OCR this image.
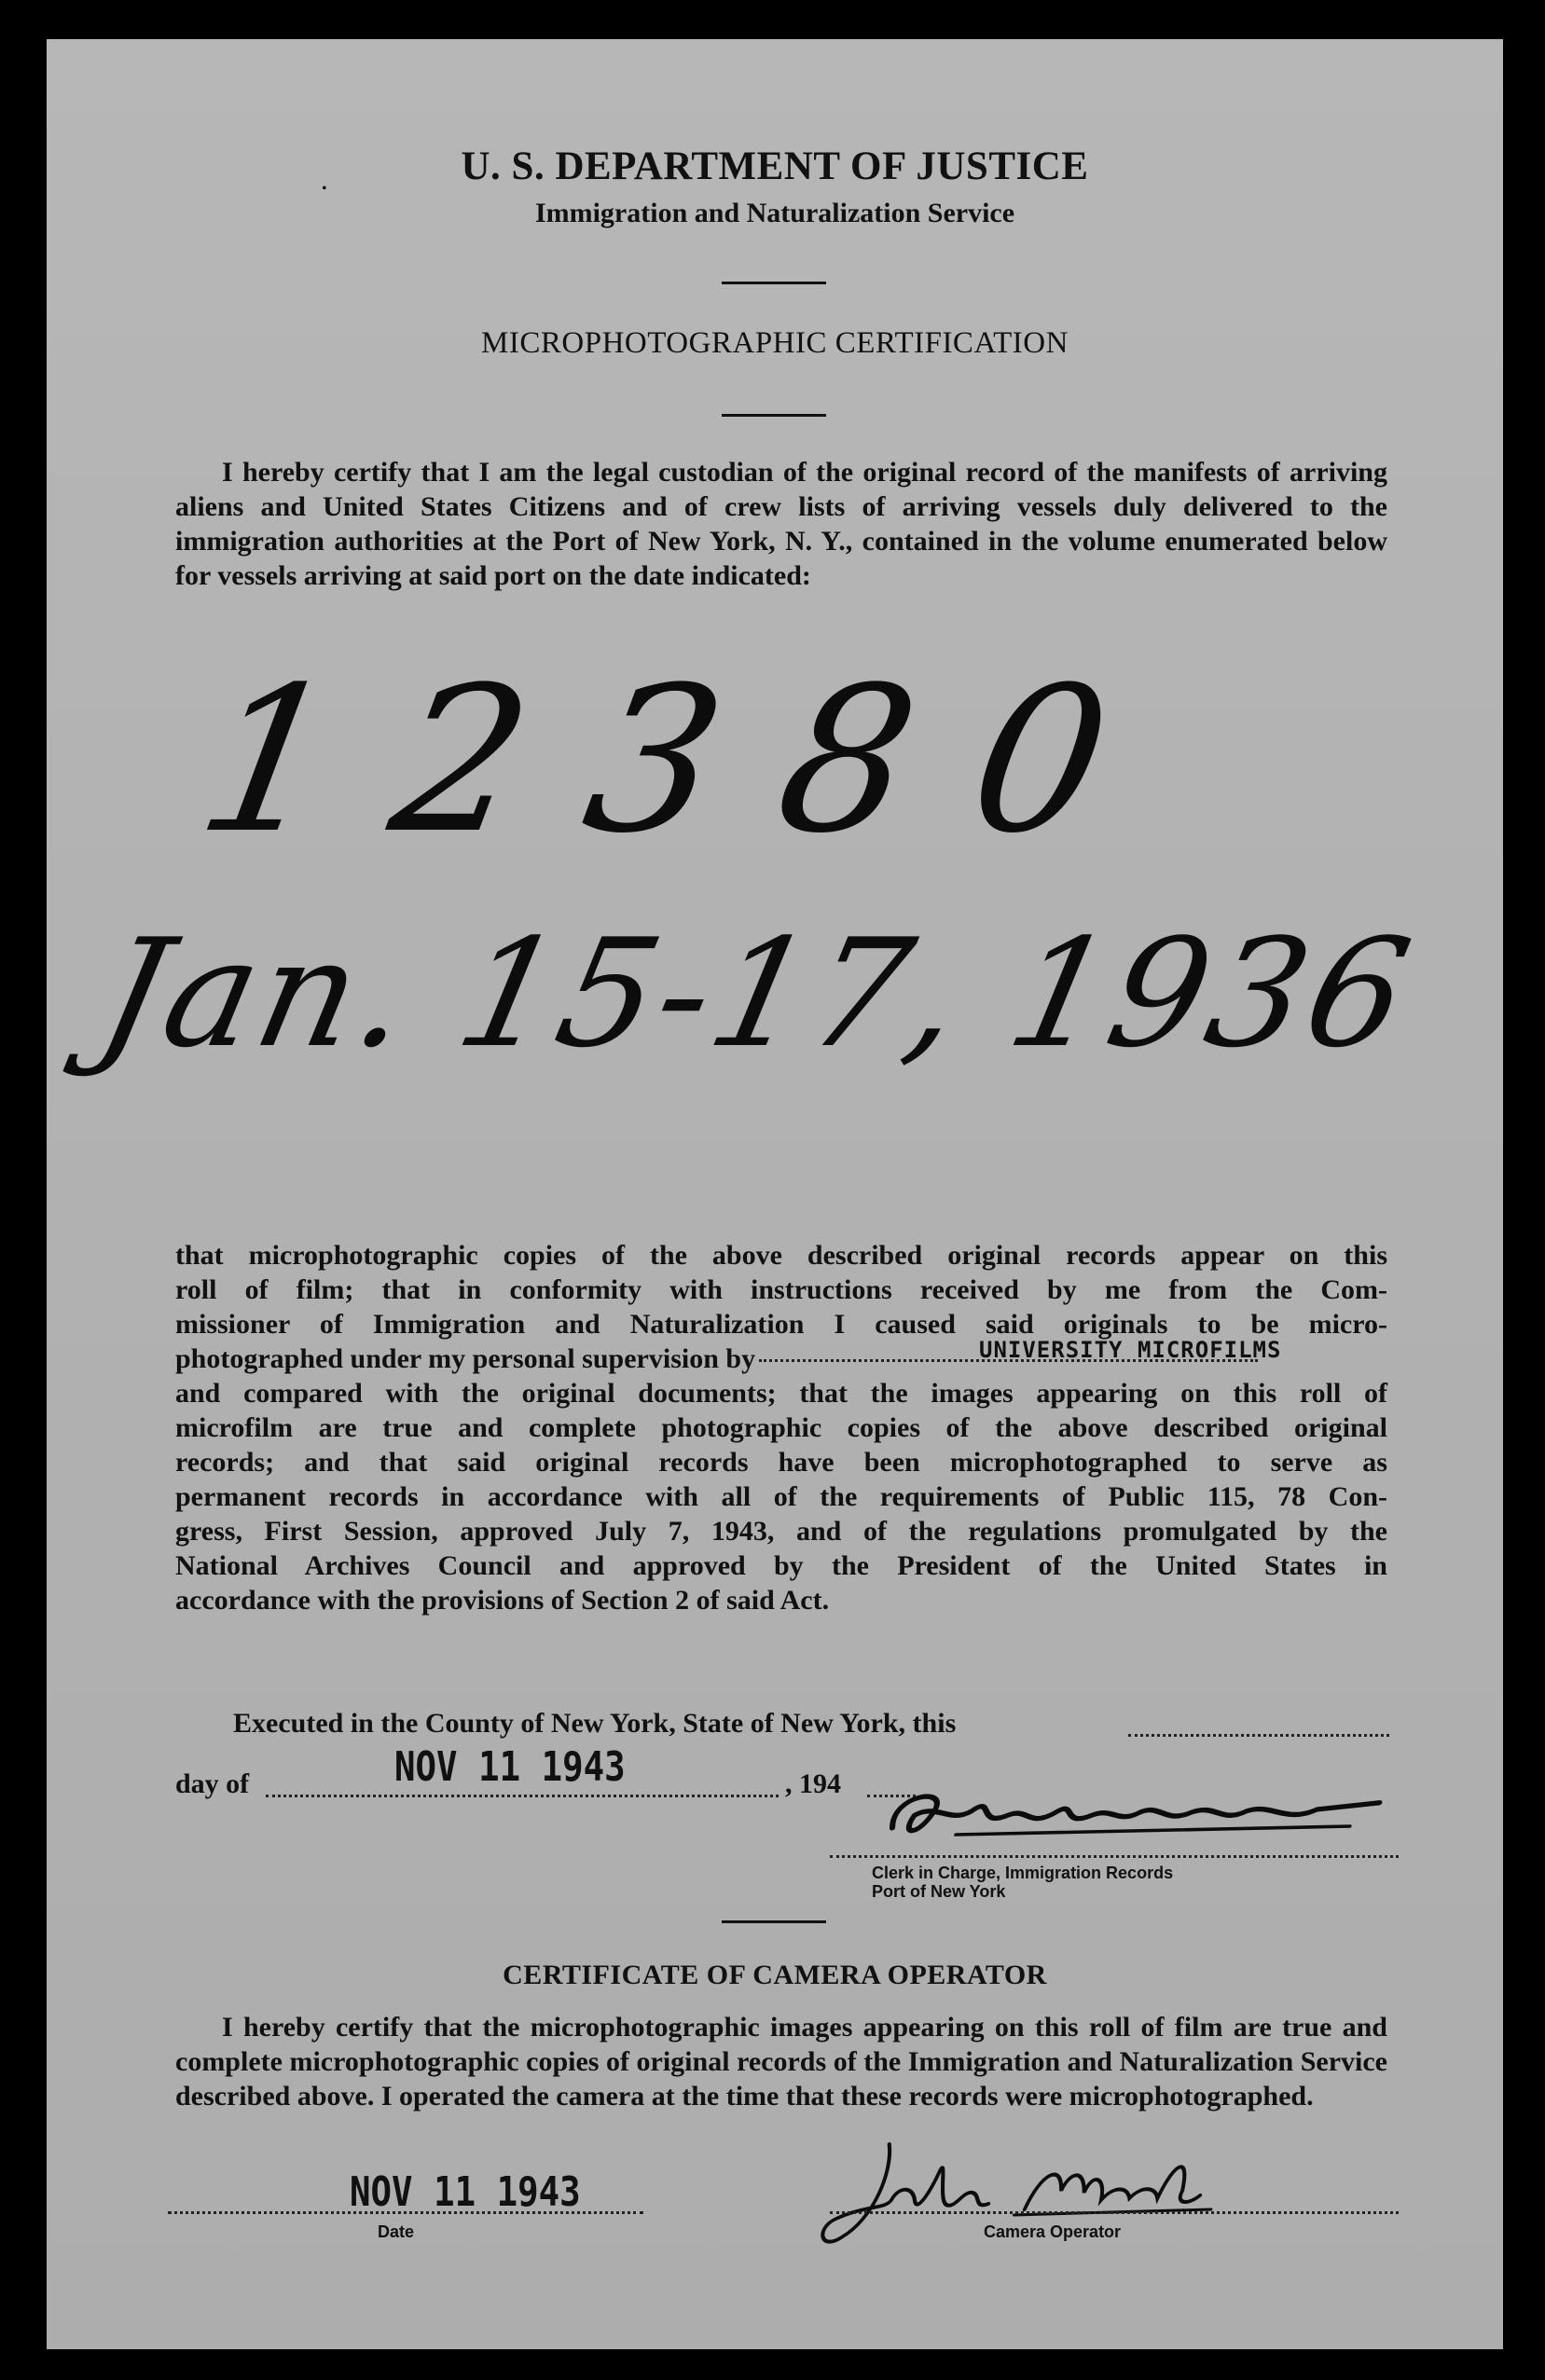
•
U. S. DEPARTMENT OF JUSTICE
Immigration and Naturalization Service
MICROPHOTOGRAPHIC CERTIFICATION
I hereby certify that I am the legal custodian of the original record of the manifests of arriving aliens and United States Citizens and of crew lists of arriving vessels duly delivered to the immigration authorities at the Port of New York, N. Y., contained in the volume enumerated below for vessels arriving at said port on the date indicated:
12380
Jan. 15-17, 1936
that microphotographic copies of the above described original records appear on this
roll of film; that in conformity with instructions received by me from the Com-
missioner of Immigration and Naturalization I caused said originals to be micro-
photographed under my personal supervision by
and compared with the original documents; that the images appearing on this roll of
microfilm are true and complete photographic copies of the above described original
records; and that said original records have been microphotographed to serve as
permanent records in accordance with all of the requirements of Public 115, 78 Con-
gress, First Session, approved July 7, 1943, and of the regulations promulgated by the
National Archives Council and approved by the President of the United States in
accordance with the provisions of Section 2 of said Act.
UNIVERSITY MICROFILMS
Executed in the County of New York, State of New York, this
day of	NOV 11 1943	, 194
Clerk in Charge, Immigration Records
Port of New York
CERTIFICATE OF CAMERA OPERATOR
I hereby certify that the microphotographic images appearing on this roll of film are true and complete microphotographic copies of original records of the Immigration and Naturalization Service described above. I operated the camera at the time that these records were microphotographed.
NOV 11 1943
Date	Camera Operator
